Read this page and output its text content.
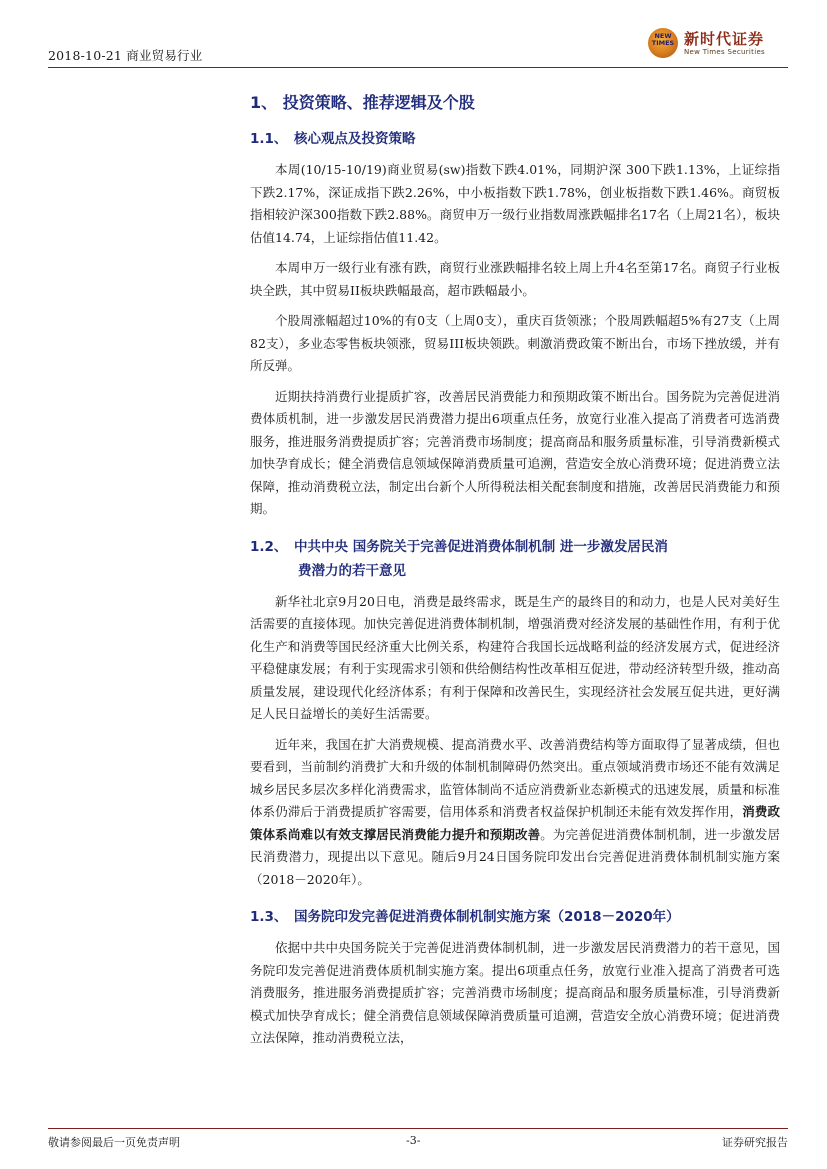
2018-10-21 商业贸易行业
NEW TIMES 新时代证券
New Times Securities
1、 投资策略、推荐逻辑及个股
1.1、 核心观点及投资策略

本周(10/15-10/19)商业贸易(sw)指数下跌4.01%，同期沪深 300下跌1.13%，上证综指下跌2.17%，深证成指下跌2.26%，中小板指数下跌1.78%，创业板指数下跌1.46%。商贸板指相较沪深300指数下跌2.88%。商贸申万一级行业指数周涨跌幅排名17名（上周21名），板块估值14.74，上证综指估值11.42。

本周申万一级行业有涨有跌，商贸行业涨跌幅排名较上周上升4名至第17名。商贸子行业板块全跌，其中贸易II板块跌幅最高，超市跌幅最小。

个股周涨幅超过10%的有0支（上周0支），重庆百货领涨；个股周跌幅超5%有27支（上周82支），多业态零售板块领涨，贸易III板块领跌。刺激消费政策不断出台，市场下挫放缓，并有所反弹。

近期扶持消费行业提质扩容，改善居民消费能力和预期政策不断出台。国务院为完善促进消费体质机制，进一步激发居民消费潜力提出6项重点任务，放宽行业准入提高了消费者可选消费服务，推进服务消费提质扩容；完善消费市场制度；提高商品和服务质量标准，引导消费新模式加快孕育成长；健全消费信息领域保障消费质量可追溯，营造安全放心消费环境；促进消费立法保障，推动消费税立法，制定出台新个人所得税法相关配套制度和措施，改善居民消费能力和预期。

1.2、 中共中央 国务院关于完善促进消费体制机制 进一步激发居民消
费潜力的若干意见

新华社北京9月20日电，消费是最终需求，既是生产的最终目的和动力，也是人民对美好生活需要的直接体现。加快完善促进消费体制机制，增强消费对经济发展的基础性作用，有利于优化生产和消费等国民经济重大比例关系，构建符合我国长远战略利益的经济发展方式，促进经济平稳健康发展；有利于实现需求引领和供给侧结构性改革相互促进，带动经济转型升级，推动高质量发展，建设现代化经济体系；有利于保障和改善民生，实现经济社会发展互促共进，更好满足人民日益增长的美好生活需要。

近年来，我国在扩大消费规模、提高消费水平、改善消费结构等方面取得了显著成绩，但也要看到，当前制约消费扩大和升级的体制机制障碍仍然突出。重点领域消费市场还不能有效满足城乡居民多层次多样化消费需求，监管体制尚不适应消费新业态新模式的迅速发展，质量和标准体系仍滞后于消费提质扩容需要，信用体系和消费者权益保护机制还未能有效发挥作用，消费政策体系尚难以有效支撑居民消费能力提升和预期改善。为完善促进消费体制机制，进一步激发居民消费潜力，现提出以下意见。随后9月24日国务院印发出台完善促进消费体制机制实施方案（2018－2020年）。

1.3、 国务院印发完善促进消费体制机制实施方案（2018－2020年）

依据中共中央国务院关于完善促进消费体制机制，进一步激发居民消费潜力的若干意见，国务院印发完善促进消费体质机制实施方案。提出6项重点任务，放宽行业准入提高了消费者可选消费服务，推进服务消费提质扩容；完善消费市场制度；提高商品和服务质量标准，引导消费新模式加快孕育成长；健全消费信息领域保障消费质量可追溯，营造安全放心消费环境；促进消费立法保障，推动消费税立法，

敬请参阅最后一页免责声明	-3-	证券研究报告
